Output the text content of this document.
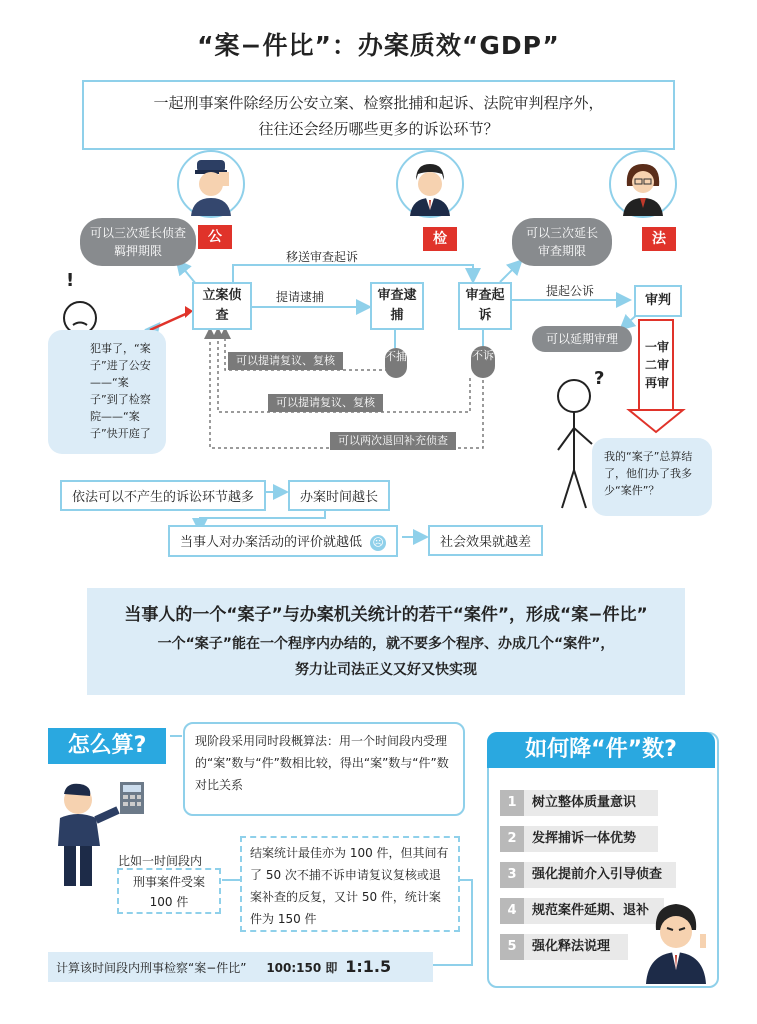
“案−件比”：办案质效“GDP”
一起刑事案件除经历公安立案、检察批捕和起诉、法院审判程序外，
往往还会经历哪些更多的诉讼环节？
公	检	法
可以三次延长侦查羁押期限
可以三次延长审查期限
可以延期审理
立案侦查
审查逮捕
审查起诉
审判
提请逮捕
移送审查起诉
提起公诉
不捕	不诉
可以提请复议、复核
可以提请复议、复核
可以两次退回补充侦查
一审
二审
再审
!
?
犯事了，“案子”进了公安——“案子”到了检察院——“案子”快开庭了
我的“案子”总算结了，他们办了我多少“案件”？
依法可以不产生的诉讼环节越多	办案时间越长
当事人对办案活动的评价就越低 ☹	社会效果就越差
当事人的一个“案子”与办案机关统计的若干“案件”，形成“案−件比”
一个“案子”能在一个程序内办结的，就不要多个程序、办成几个“案件”，
努力让司法正义又好又快实现
怎么算?	现阶段采用同时段概算法：用一个时间段内受理的“案”数与“件”数相比较，得出“案”数与“件”数对比关系
比如一时间段内
刑事案件受案
100 件
结案统计最佳亦为 100 件，但其间有了 50 次不捕不诉申请复议复核或退案补查的反复，又计 50 件，统计案件为 150 件
计算该时间段内刑事检察“案−件比” 100:150 即 1:1.5
如何降“件”数?
1 树立整体质量意识
2 发挥捕诉一体优势
3 强化提前介入引导侦查
4 规范案件延期、退补
5 强化释法说理
